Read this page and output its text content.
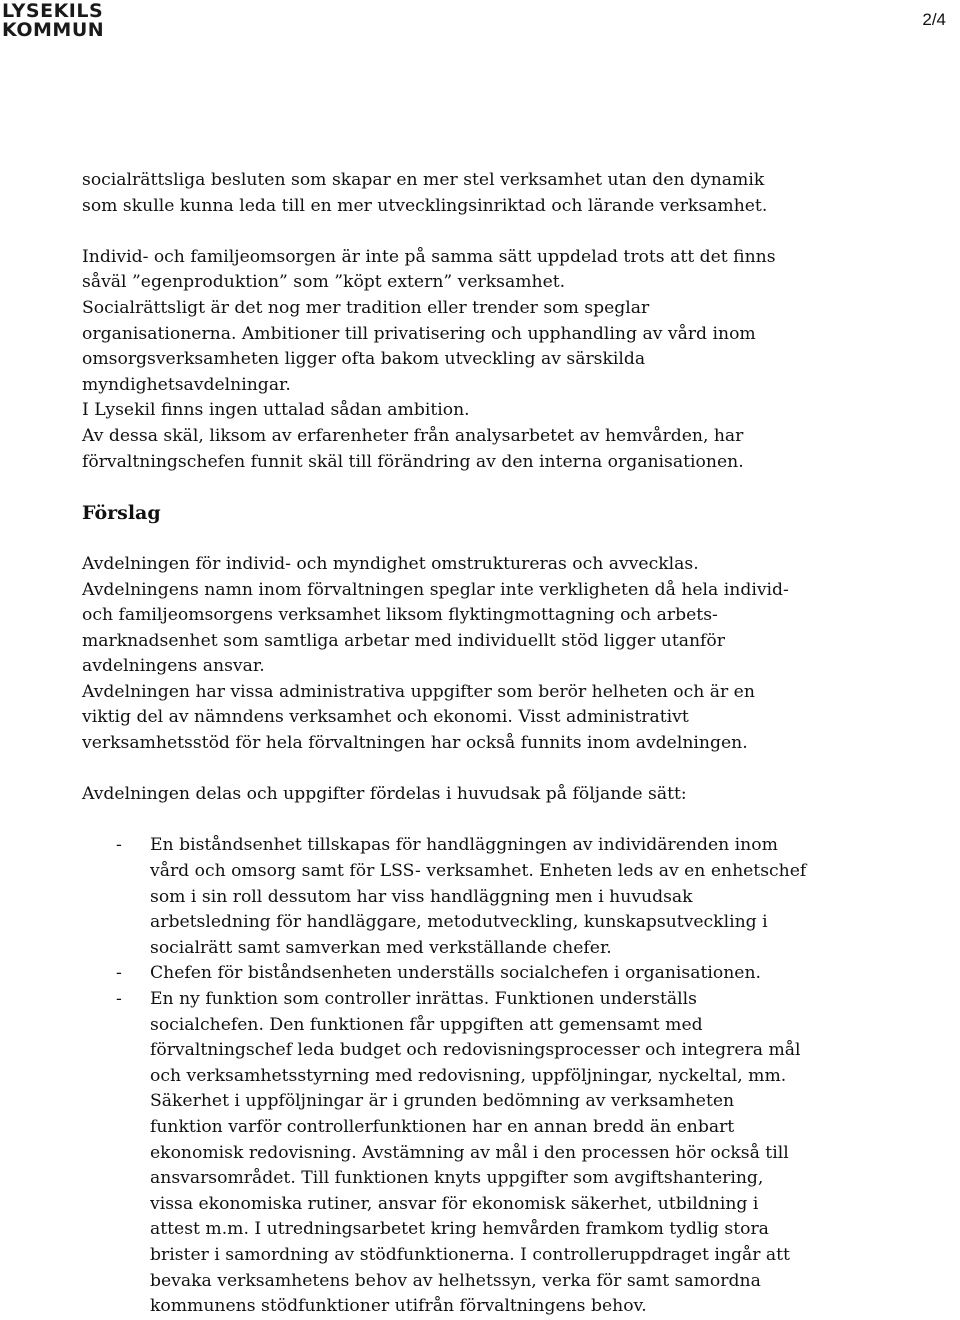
LYSEKILS
KOMMUN	2/4
socialrättsliga besluten som skapar en mer stel verksamhet utan den dynamik
som skulle kunna leda till en mer utvecklingsinriktad och lärande verksamhet.
Individ- och familjeomsorgen är inte på samma sätt uppdelad trots att det finns
såväl ”egenproduktion” som ”köpt extern” verksamhet.
Socialrättsligt är det nog mer tradition eller trender som speglar
organisationerna. Ambitioner till privatisering och upphandling av vård inom
omsorgsverksamheten ligger ofta bakom utveckling av särskilda
myndighetsavdelningar.
I Lysekil finns ingen uttalad sådan ambition.
Av dessa skäl, liksom av erfarenheter från analysarbetet av hemvården, har
förvaltningschefen funnit skäl till förändring av den interna organisationen.
Förslag
Avdelningen för individ- och myndighet omstruktureras och avvecklas.
Avdelningens namn inom förvaltningen speglar inte verkligheten då hela individ-
och familjeomsorgens verksamhet liksom flyktingmottagning och arbets-
marknadsenhet som samtliga arbetar med individuellt stöd ligger utanför
avdelningens ansvar.
Avdelningen har vissa administrativa uppgifter som berör helheten och är en
viktig del av nämndens verksamhet och ekonomi. Visst administrativt
verksamhetsstöd för hela förvaltningen har också funnits inom avdelningen.
Avdelningen delas och uppgifter fördelas i huvudsak på följande sätt:
- En biståndsenhet tillskapas för handläggningen av individärenden inom
vård och omsorg samt för LSS- verksamhet. Enheten leds av en enhetschef
som i sin roll dessutom har viss handläggning men i huvudsak
arbetsledning för handläggare, metodutveckling, kunskapsutveckling i
socialrätt samt samverkan med verkställande chefer.
- Chefen för biståndsenheten underställs socialchefen i organisationen.
- En ny funktion som controller inrättas. Funktionen underställs
socialchefen. Den funktionen får uppgiften att gemensamt med
förvaltningschef leda budget och redovisningsprocesser och integrera mål
och verksamhetsstyrning med redovisning, uppföljningar, nyckeltal, mm.
Säkerhet i uppföljningar är i grunden bedömning av verksamheten
funktion varför controllerfunktionen har en annan bredd än enbart
ekonomisk redovisning. Avstämning av mål i den processen hör också till
ansvarsområdet. Till funktionen knyts uppgifter som avgiftshantering,
vissa ekonomiska rutiner, ansvar för ekonomisk säkerhet, utbildning i
attest m.m. I utredningsarbetet kring hemvården framkom tydlig stora
brister i samordning av stödfunktionerna. I controlleruppdraget ingår att
bevaka verksamhetens behov av helhetssyn, verka för samt samordna
kommunens stödfunktioner utifrån förvaltningens behov.
